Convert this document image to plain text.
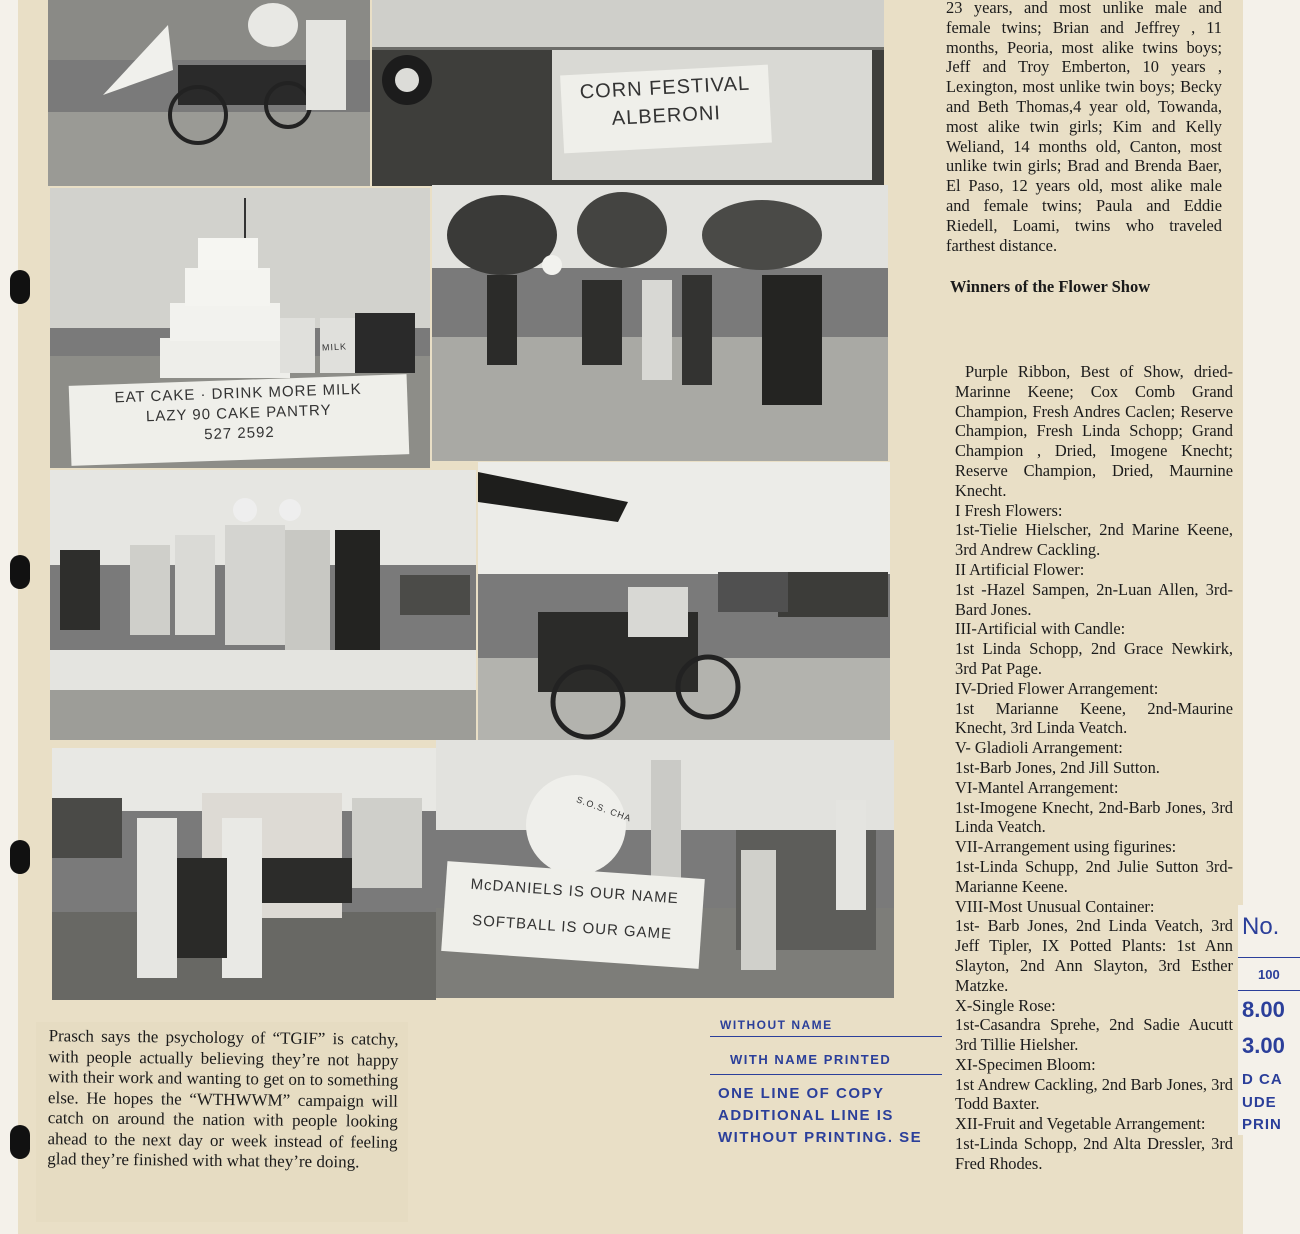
CORN FESTIVAL ALBERONI
MILK
EAT CAKE · DRINK MORE MILK
LAZY 90 CAKE PANTRY
527 2592
S.O.S. CHA
McDANIELS IS OUR NAME
SOFTBALL IS OUR GAME
23 years, and most unlike male and female twins; Brian and Jeffrey , 11 months, Peoria, most alike twins boys; Jeff and Troy Emberton, 10 years , Lexington, most unlike twin boys; Becky and Beth Thomas,4 year old, Towanda, most alike twin girls; Kim and Kelly Weliand, 14 months old, Canton, most unlike twin girls; Brad and Brenda Baer, El Paso, 12 years old, most alike male and female twins; Paula and Eddie Riedell, Loami, twins who traveled farthest distance.
Winners of the Flower Show
Purple Ribbon, Best of Show, dried-Marinne Keene; Cox Comb Grand Champion, Fresh Andres Caclen; Reserve Champion, Fresh Linda Schopp; Grand Champion , Dried, Imogene Knecht; Reserve Champion, Dried, Maurnine Knecht.
I Fresh Flowers:
1st-Tielie Hielscher, 2nd Marine Keene, 3rd Andrew Cackling.
II Artificial Flower:
1st -Hazel Sampen, 2n-Luan Allen, 3rd-Bard Jones.
III-Artificial with Candle:
1st Linda Schopp, 2nd Grace Newkirk, 3rd Pat Page.
IV-Dried Flower Arrangement:
1st Marianne Keene, 2nd-Maurine Knecht, 3rd Linda Veatch.
V- Gladioli Arrangement:
1st-Barb Jones, 2nd Jill Sutton.
VI-Mantel Arrangement:
1st-Imogene Knecht, 2nd-Barb Jones, 3rd Linda Veatch.
VII-Arrangement using figurines:
1st-Linda Schupp, 2nd Julie Sutton 3rd-Marianne Keene.
VIII-Most Unusual Container:
1st- Barb Jones, 2nd Linda Veatch, 3rd Jeff Tipler, IX Potted Plants: 1st Ann Slayton, 2nd Ann Slayton, 3rd Esther Matzke.
X-Single Rose:
1st-Casandra Sprehe, 2nd Sadie Aucutt 3rd Tillie Hielsher.
XI-Specimen Bloom:
1st Andrew Cackling, 2nd Barb Jones, 3rd Todd Baxter.
XII-Fruit and Vegetable Arrangement:
1st-Linda Schopp, 2nd Alta Dressler, 3rd Fred Rhodes.

Prasch says the psychology of “TGIF” is catchy, with people actually believing they’re not happy with their work and wanting to get on to something else. He hopes the “WTHWWM” campaign will catch on around the nation with people looking ahead to the next day or week instead of feeling glad they’re finished with what they’re doing.

WITHOUT NAME
WITH NAME PRINTED
ONE LINE OF COPY
ADDITIONAL LINE IS
WITHOUT PRINTING. SE
No.
100
8.00
3.00
D CA
UDE
PRIN
